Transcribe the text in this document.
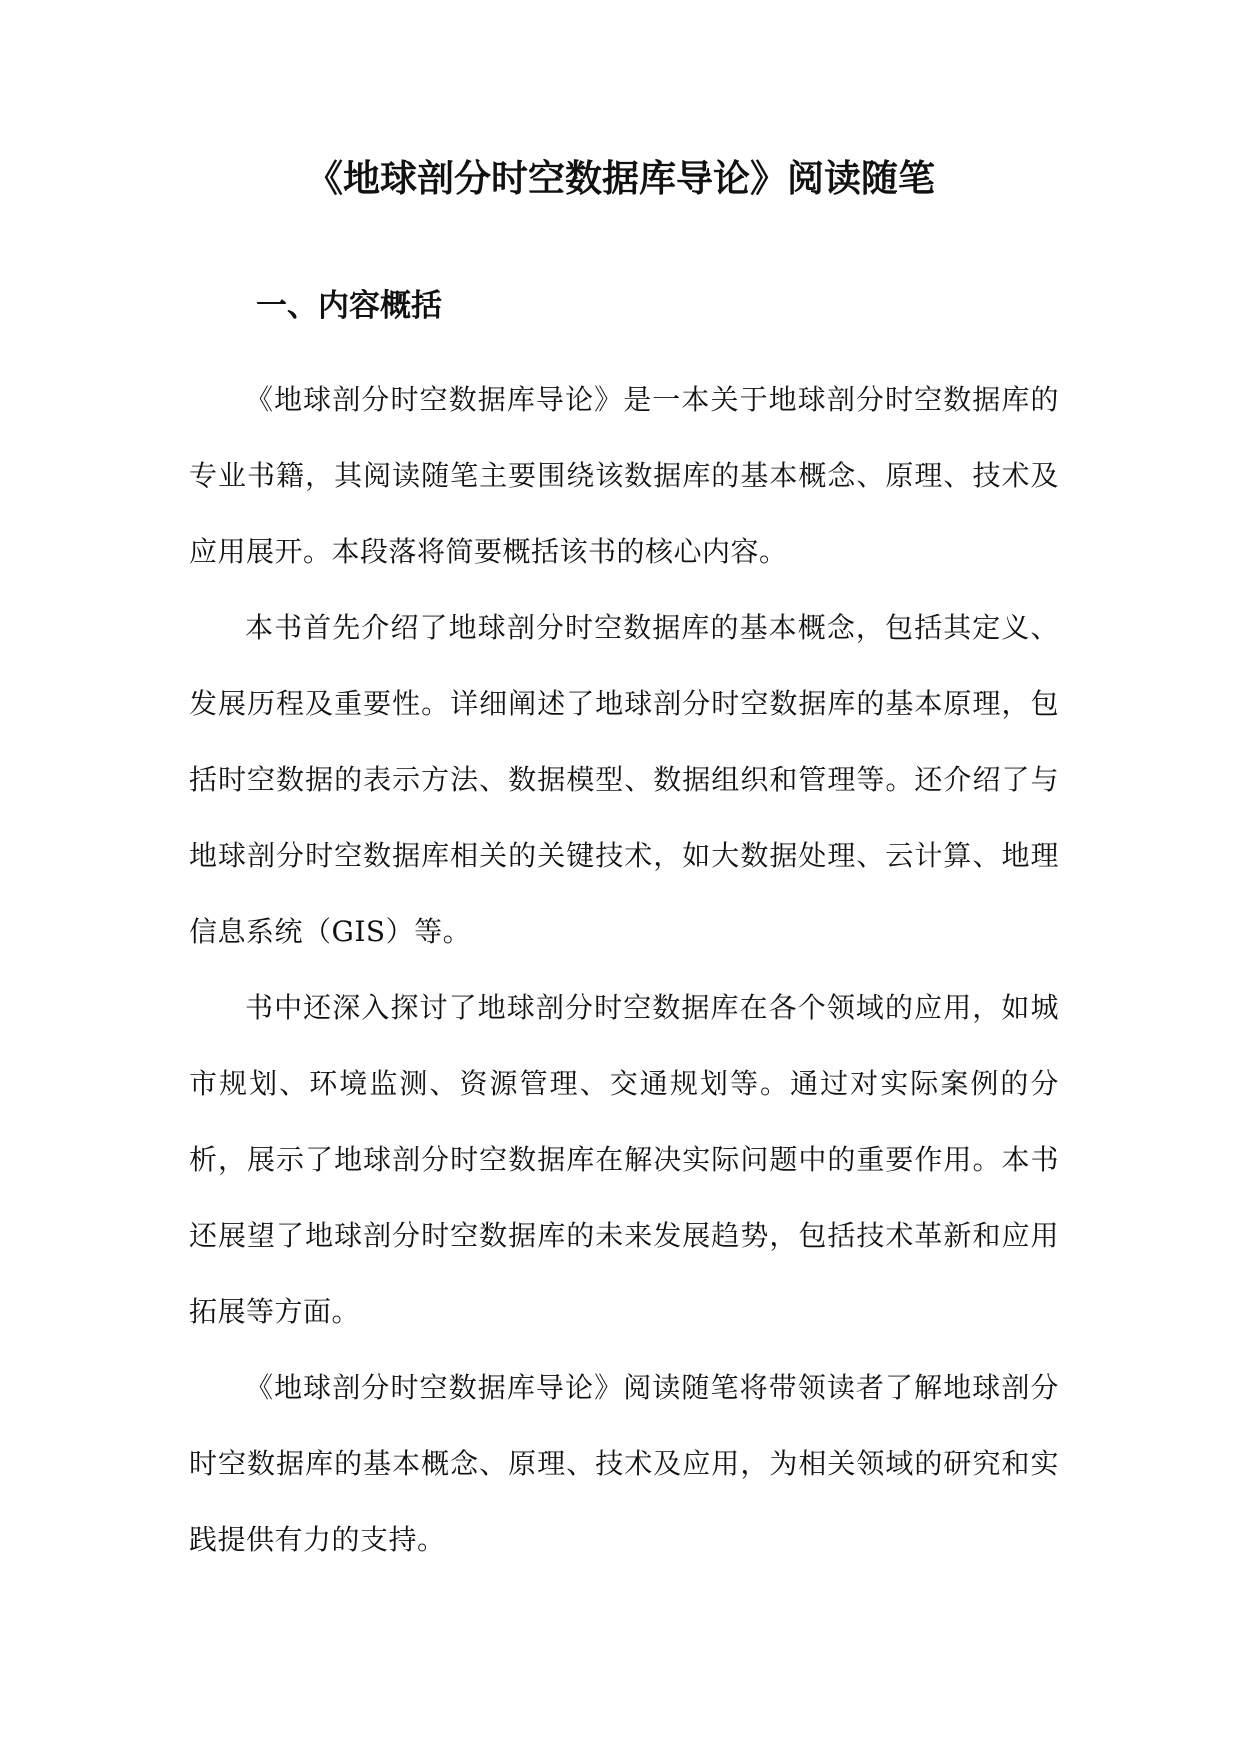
《地球剖分时空数据库导论》阅读随笔
一、内容概括

《地球剖分时空数据库导论》是一本关于地球剖分时空数据库的专业书籍，其阅读随笔主要围绕该数据库的基本概念、原理、技术及应用展开。本段落将简要概括该书的核心内容。

本书首先介绍了地球剖分时空数据库的基本概念，包括其定义、发展历程及重要性。详细阐述了地球剖分时空数据库的基本原理，包括时空数据的表示方法、数据模型、数据组织和管理等。还介绍了与地球剖分时空数据库相关的关键技术，如大数据处理、云计算、地理信息系统（GIS）等。

书中还深入探讨了地球剖分时空数据库在各个领域的应用，如城市规划、环境监测、资源管理、交通规划等。通过对实际案例的分析，展示了地球剖分时空数据库在解决实际问题中的重要作用。本书还展望了地球剖分时空数据库的未来发展趋势，包括技术革新和应用拓展等方面。

《地球剖分时空数据库导论》阅读随笔将带领读者了解地球剖分时空数据库的基本概念、原理、技术及应用，为相关领域的研究和实践提供有力的支持。
